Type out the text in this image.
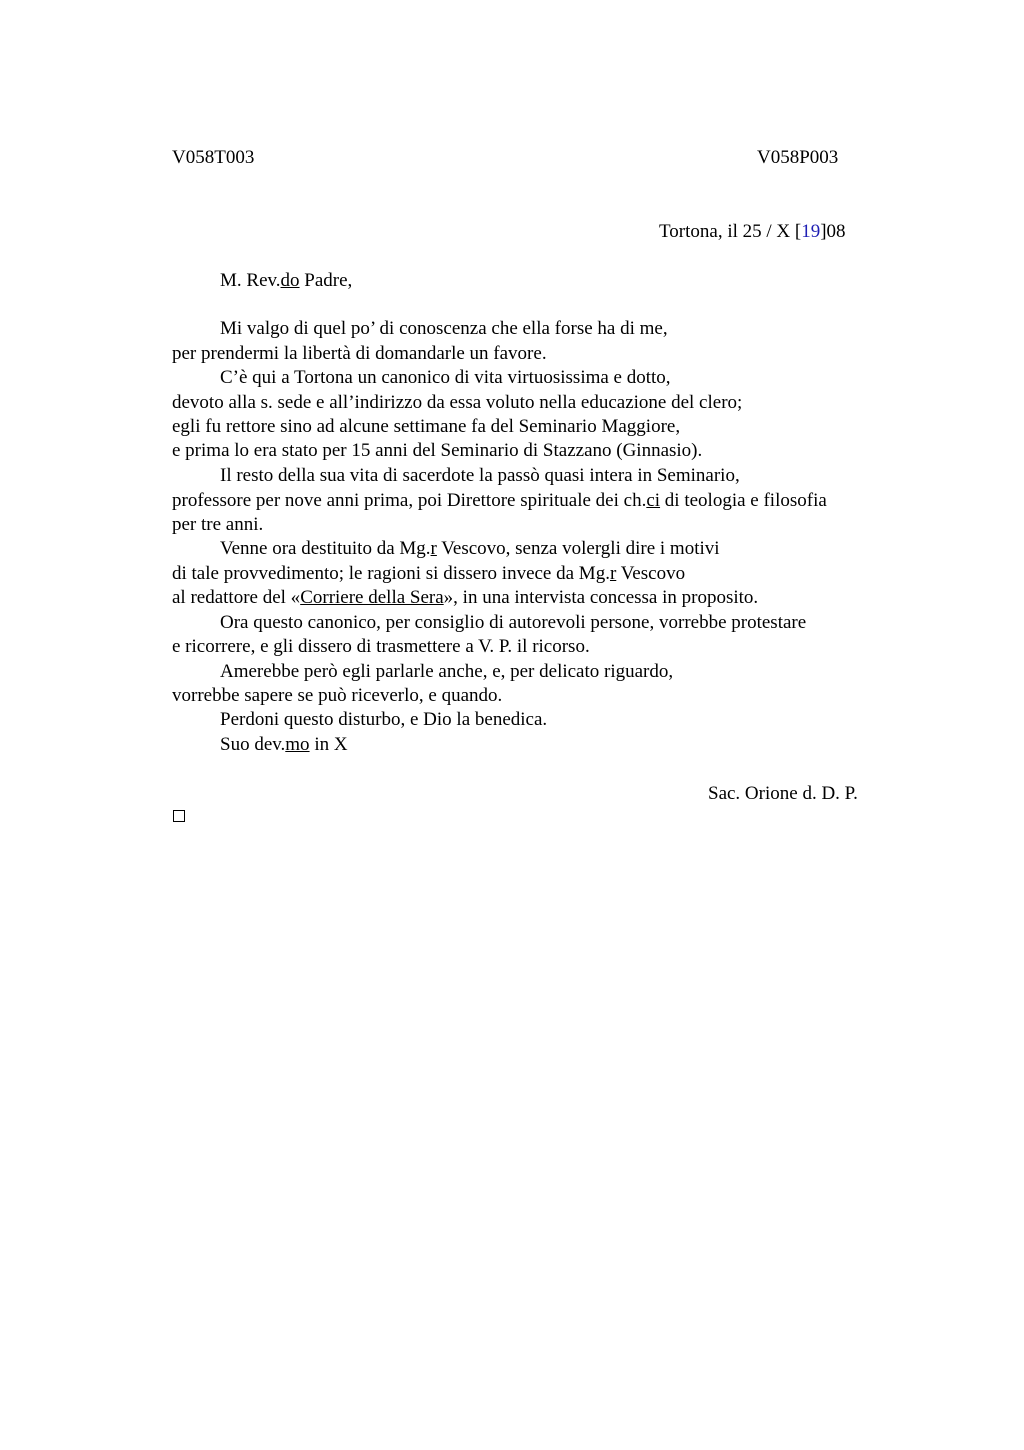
V058T003	V058P003
Tortona, il 25 / X [19]08
M. Rev.do Padre,
Mi valgo di quel po’ di conoscenza che ella forse ha di me,
per prendermi la libertà di domandarle un favore.
C’è qui a Tortona un canonico di vita virtuosissima e dotto,
devoto alla s. sede e all’indirizzo da essa voluto nella educazione del clero;
egli fu rettore sino ad alcune settimane fa del Seminario Maggiore,
e prima lo era stato per 15 anni del Seminario di Stazzano (Ginnasio).
Il resto della sua vita di sacerdote la passò quasi intera in Seminario,
professore per nove anni prima, poi Direttore spirituale dei ch.ci di teologia e filosofia
per tre anni.
Venne ora destituito da Mg.r Vescovo, senza volergli dire i motivi
di tale provvedimento; le ragioni si dissero invece da Mg.r Vescovo
al redattore del «Corriere della Sera», in una intervista concessa in proposito.
Ora questo canonico, per consiglio di autorevoli persone, vorrebbe protestare
e ricorrere, e gli dissero di trasmettere a V. P. il ricorso.
Amerebbe però egli parlarle anche, e, per delicato riguardo,
vorrebbe sapere se può riceverlo, e quando.
Perdoni questo disturbo, e Dio la benedica.
Suo dev.mo in X
Sac. Orione d. D. P.
